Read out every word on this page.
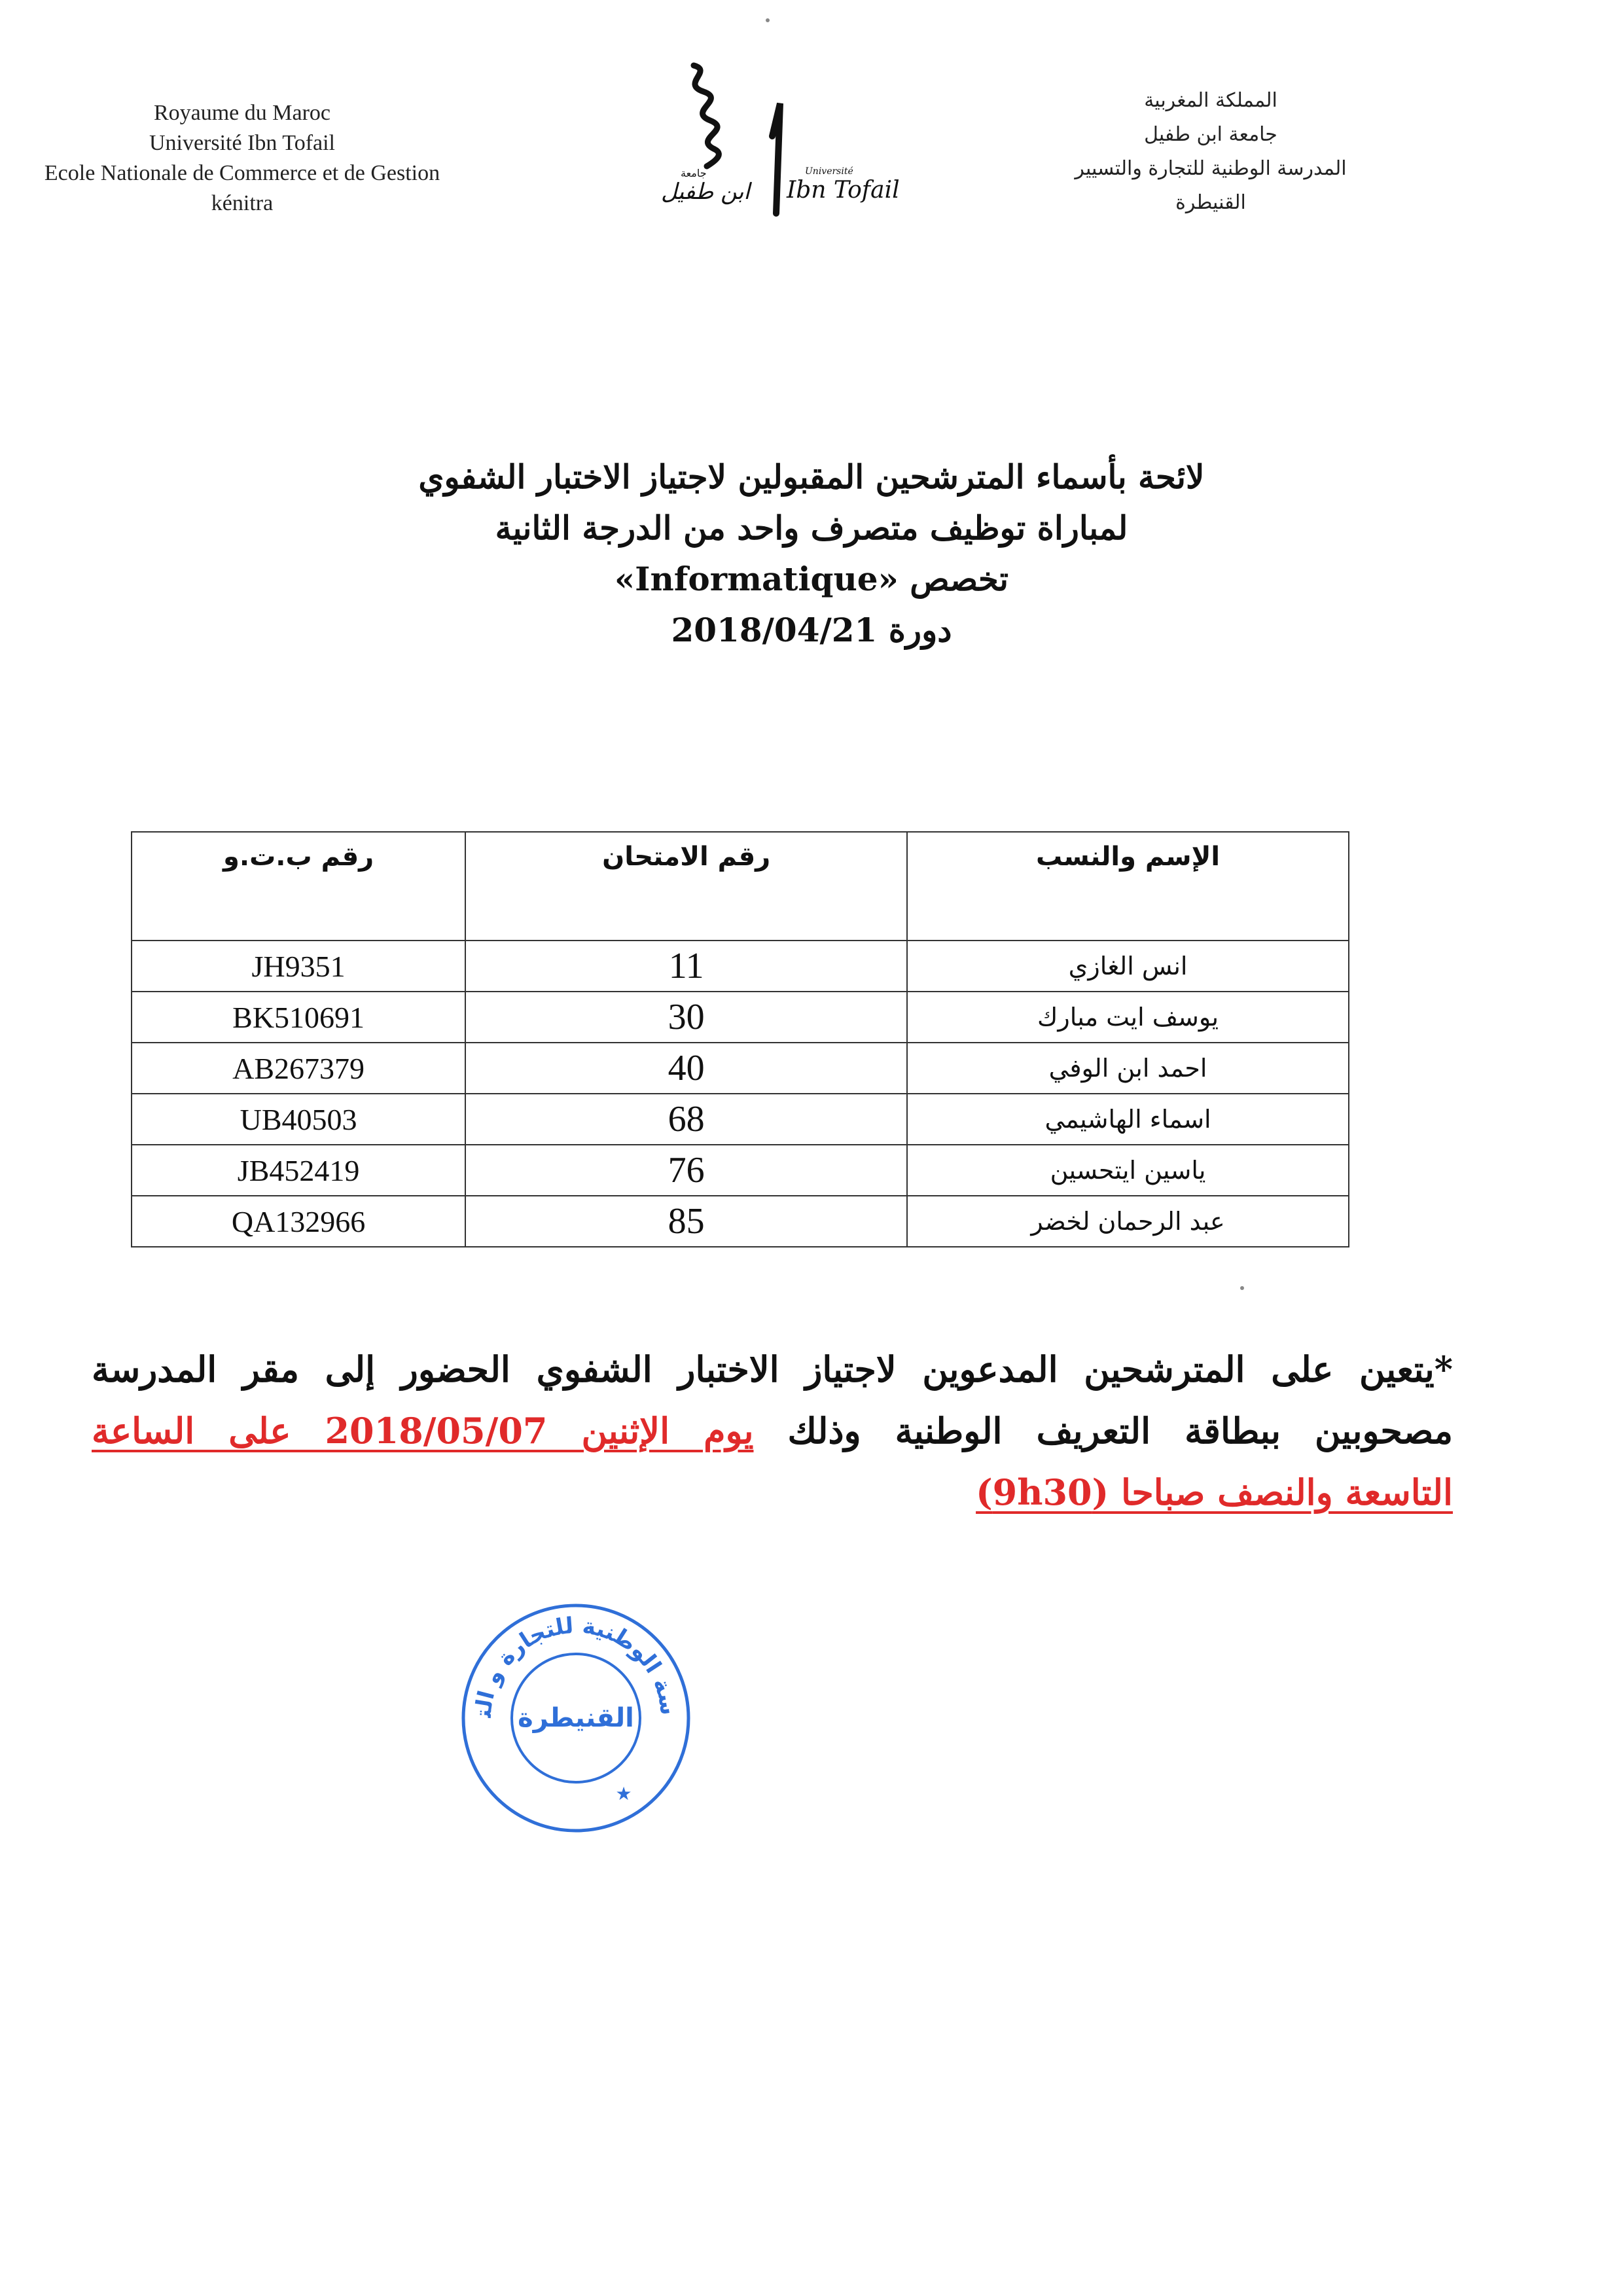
Royaume du Maroc
Université Ibn Tofail
Ecole Nationale de Commerce et de Gestion
kénitra
Université
Ibn Tofail
جامعة
ابن طفيل
المملكة المغربية
جامعة ابن طفيل
المدرسة الوطنية للتجارة والتسيير
القنيطرة
لائحة بأسماء المترشحين المقبولين لاجتياز الاختبار الشفوي
لمباراة توظيف متصرف واحد من الدرجة الثانية
تخصص «Informatique»
دورة 2018/04/21
الإسم والنسب	رقم الامتحان	رقم ب.ت.و
انس الغازي	11	JH9351
يوسف ايت مبارك	30	BK510691
احمد ابن الوفي	40	AB267379
اسماء الهاشيمي	68	UB40503
ياسين ايتحسين	76	JB452419
عبد الرحمان لخضر	85	QA132966
*يتعين على المترشحين المدعوين لاجتياز الاختبار الشفوي الحضور إلى مقر المدرسة
مصحوبين ببطاقة التعريف الوطنية وذلك يوم الإثنين 2018/05/07 على الساعة
التاسعة والنصف صباحا (9h30)
سة الوطنية للتجارة و الت القنيطرة
★
